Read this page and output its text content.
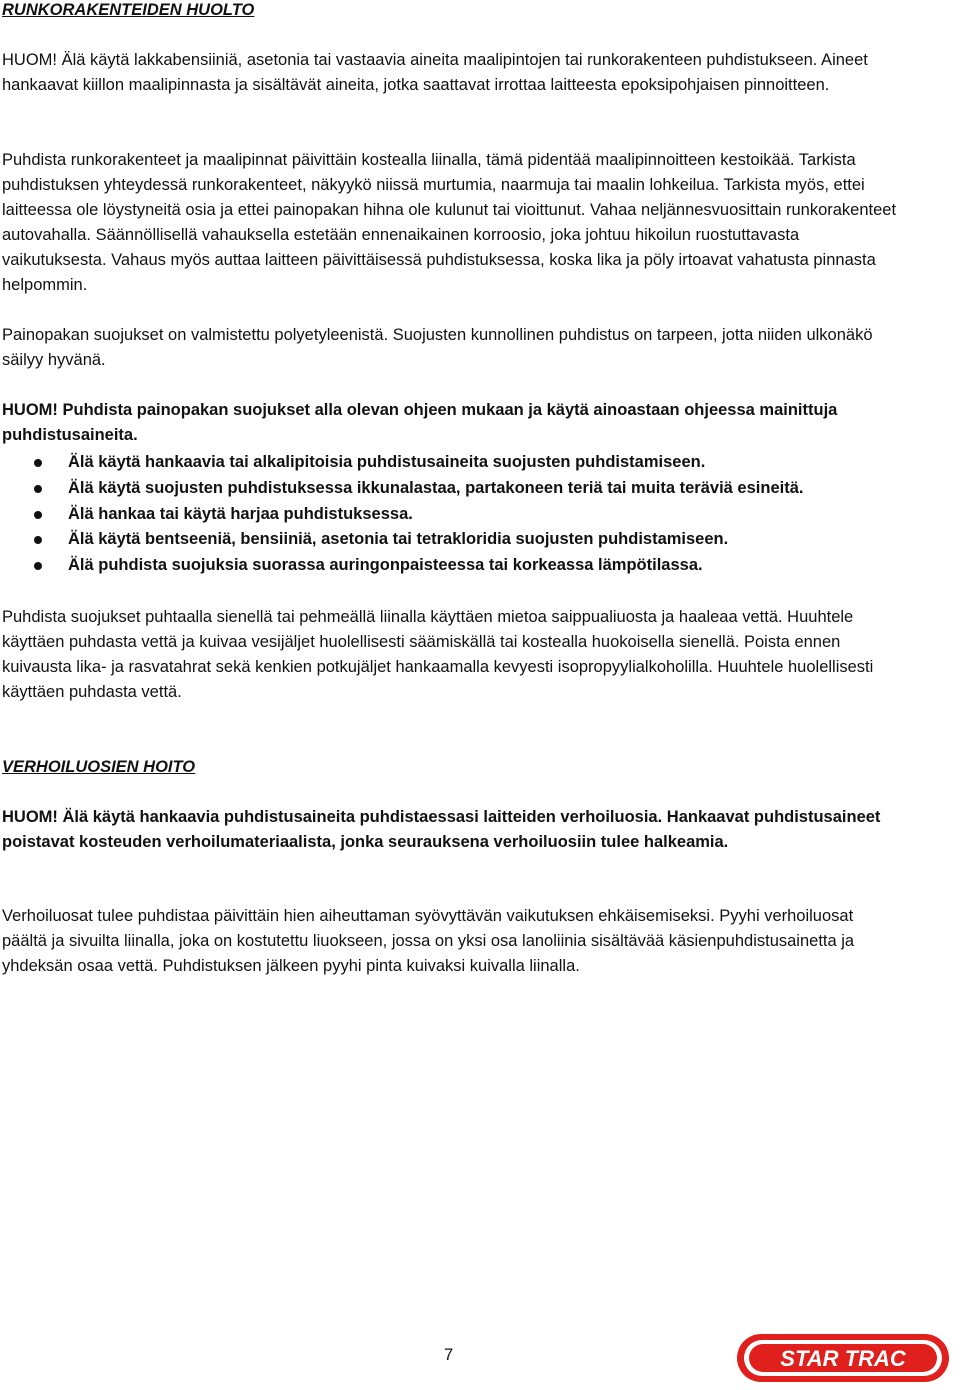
RUNKORAKENTEIDEN HUOLTO

HUOM! Älä käytä lakkabensiiniä, asetonia tai vastaavia aineita maalipintojen tai runkorakenteen puhdistukseen. Aineet hankaavat kiillon maalipinnasta ja sisältävät aineita, jotka saattavat irrottaa laitteesta epoksipohjaisen pinnoitteen.

Puhdista runkorakenteet ja maalipinnat päivittäin kostealla liinalla, tämä pidentää maalipinnoitteen kestoikää. Tarkista puhdistuksen yhteydessä runkorakenteet, näkyykö niissä murtumia, naarmuja tai maalin lohkeilua. Tarkista myös, ettei laitteessa ole löystyneitä osia ja ettei painopakan hihna ole kulunut tai vioittunut. Vahaa neljännesvuosittain runkorakenteet autovahalla. Säännöllisellä vahauksella estetään ennenaikainen korroosio, joka johtuu hikoilun ruostuttavasta vaikutuksesta. Vahaus myös auttaa laitteen päivittäisessä puhdistuksessa, koska lika ja pöly irtoavat vahatusta pinnasta helpommin.

Painopakan suojukset on valmistettu polyetyleenistä. Suojusten kunnollinen puhdistus on tarpeen, jotta niiden ulkonäkö säilyy hyvänä.

HUOM! Puhdista painopakan suojukset alla olevan ohjeen mukaan ja käytä ainoastaan ohjeessa mainittuja puhdistusaineita.

Älä käytä hankaavia tai alkalipitoisia puhdistusaineita suojusten puhdistamiseen.
Älä käytä suojusten puhdistuksessa ikkunalastaa, partakoneen teriä tai muita teräviä esineitä.
Älä hankaa tai käytä harjaa puhdistuksessa.
Älä käytä bentseeniä, bensiiniä, asetonia tai tetrakloridia suojusten puhdistamiseen.
Älä puhdista suojuksia suorassa auringonpaisteessa tai korkeassa lämpötilassa.

Puhdista suojukset puhtaalla sienellä tai pehmeällä liinalla käyttäen mietoa saippualiuosta ja haaleaa vettä. Huuhtele käyttäen puhdasta vettä ja kuivaa vesijäljet huolellisesti säämiskällä tai kostealla huokoisella sienellä. Poista ennen kuivausta lika- ja rasvatahrat sekä kenkien potkujäljet hankaamalla kevyesti isopropyylialkoholilla. Huuhtele huolellisesti käyttäen puhdasta vettä.

VERHOILUOSIEN HOITO

HUOM! Älä käytä hankaavia puhdistusaineita puhdistaessasi laitteiden verhoiluosia. Hankaavat puhdistusaineet poistavat kosteuden verhoilumateriaalista, jonka seurauksena verhoiluosiin tulee halkeamia.

Verhoiluosat tulee puhdistaa päivittäin hien aiheuttaman syövyttävän vaikutuksen ehkäisemiseksi. Pyyhi verhoiluosat päältä ja sivuilta liinalla, joka on kostutettu liuokseen, jossa on yksi osa lanoliinia sisältävää käsienpuhdistusainetta ja yhdeksän osaa vettä. Puhdistuksen jälkeen pyyhi pinta kuivaksi kuivalla liinalla.

7	STAR TRAC
